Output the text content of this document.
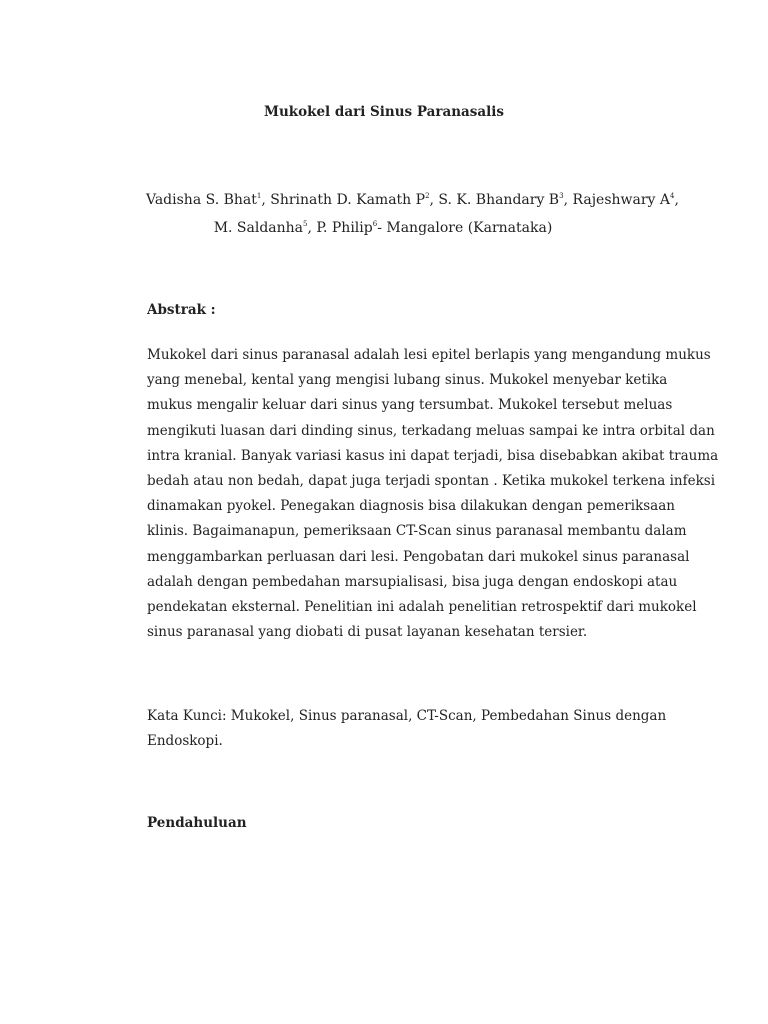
Mukokel dari Sinus Paranasalis
Vadisha S. Bhat$^1$, Shrinath D. Kamath $P^2$, S. K. Bhandary $B^3$, Rajeshwary $A^4$,
M. Saldanha$^5$, P. Philip$^6$- Mangalore (Karnataka)
Abstrak :
Mukokel dari sinus paranasal adalah lesi epitel berlapis yang mengandung mukus
yang menebal, kental yang mengisi lubang sinus. Mukokel menyebar ketika
mukus mengalir keluar dari sinus yang tersumbat. Mukokel tersebut meluas
mengikuti luasan dari dinding sinus, terkadang meluas sampai ke intra orbital dan
intra kranial. Banyak variasi kasus ini dapat terjadi, bisa disebabkan akibat trauma
bedah atau non bedah, dapat juga terjadi spontan . Ketika mukokel terkena infeksi
dinamakan pyokel. Penegakan diagnosis bisa dilakukan dengan pemeriksaan
klinis. Bagaimanapun, pemeriksaan CT-Scan sinus paranasal membantu dalam
menggambarkan perluasan dari lesi. Pengobatan dari mukokel sinus paranasal
adalah dengan pembedahan marsupialisasi, bisa juga dengan endoskopi atau
pendekatan eksternal. Penelitian ini adalah penelitian retrospektif dari mukokel
sinus paranasal yang diobati di pusat layanan kesehatan tersier.
Kata Kunci: Mukokel, Sinus paranasal, CT-Scan, Pembedahan Sinus dengan
Endoskopi.
Pendahuluan
